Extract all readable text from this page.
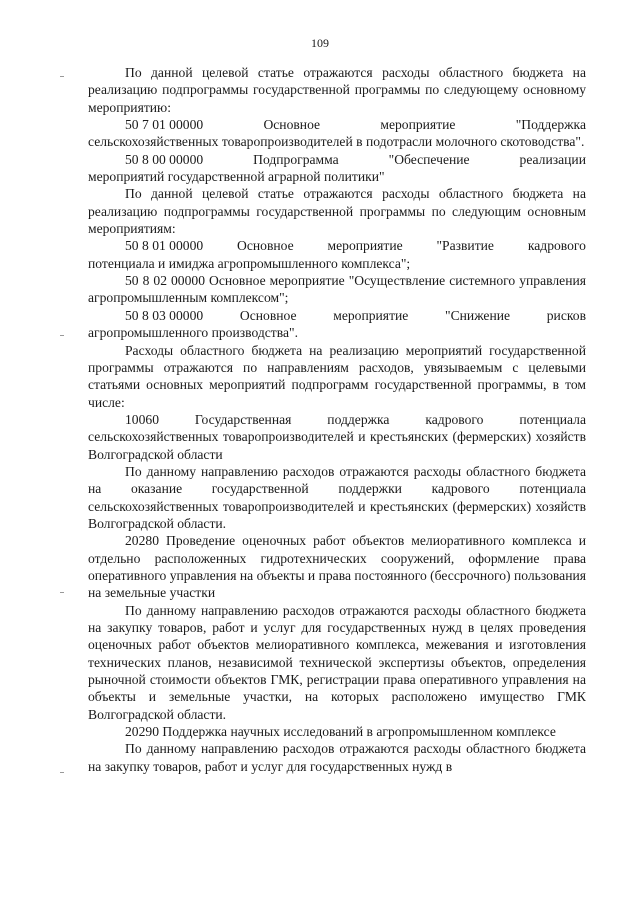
109

По данной целевой статье отражаются расходы областного бюджета на реализацию подпрограммы государственной программы по следующему основному мероприятию:

50 7 01 00000	Основное	мероприятие	"Поддержка

сельскохозяйственных товаропроизводителей в подотрасли молочного скотоводства".

50 8 00 00000	Подпрограмма	"Обеспечение	реализации

мероприятий государственной аграрной политики"

По данной целевой статье отражаются расходы областного бюджета на реализацию подпрограммы государственной программы по следующим основным мероприятиям:

50 8 01 00000 Основное мероприятие "Развитие кадрового

потенциала и имиджа агропромышленного комплекса";

50 8 02 00000 Основное мероприятие "Осуществление системного управления агропромышленным комплексом";

50 8 03 00000	Основное	мероприятие	"Снижение	рисков

агропромышленного производства".

Расходы областного бюджета на реализацию мероприятий государственной программы отражаются по направлениям расходов, увязываемым с целевыми статьями основных мероприятий подпрограмм государственной программы, в том числе:

10060 Государственная поддержка кадрового потенциала сельскохозяйственных товаропроизводителей и крестьянских (фермерских) хозяйств Волгоградской области

По данному направлению расходов отражаются расходы областного бюджета на оказание государственной поддержки кадрового потенциала сельскохозяйственных товаропроизводителей и крестьянских (фермерских) хозяйств Волгоградской области.

20280 Проведение оценочных работ объектов мелиоративного комплекса и отдельно расположенных гидротехнических сооружений, оформление права оперативного управления на объекты и права постоянного (бессрочного) пользования на земельные участки

По данному направлению расходов отражаются расходы областного бюджета на закупку товаров, работ и услуг для государственных нужд в целях проведения оценочных работ объектов мелиоративного комплекса, межевания и изготовления технических планов, независимой технической экспертизы объектов, определения рыночной стоимости объектов ГМК, регистрации права оперативного управления на объекты и земельные участки, на которых расположено имущество ГМК Волгоградской области.

20290 Поддержка научных исследований в агропромышленном комплексе

По данному направлению расходов отражаются расходы областного бюджета на закупку товаров, работ и услуг для государственных нужд в
